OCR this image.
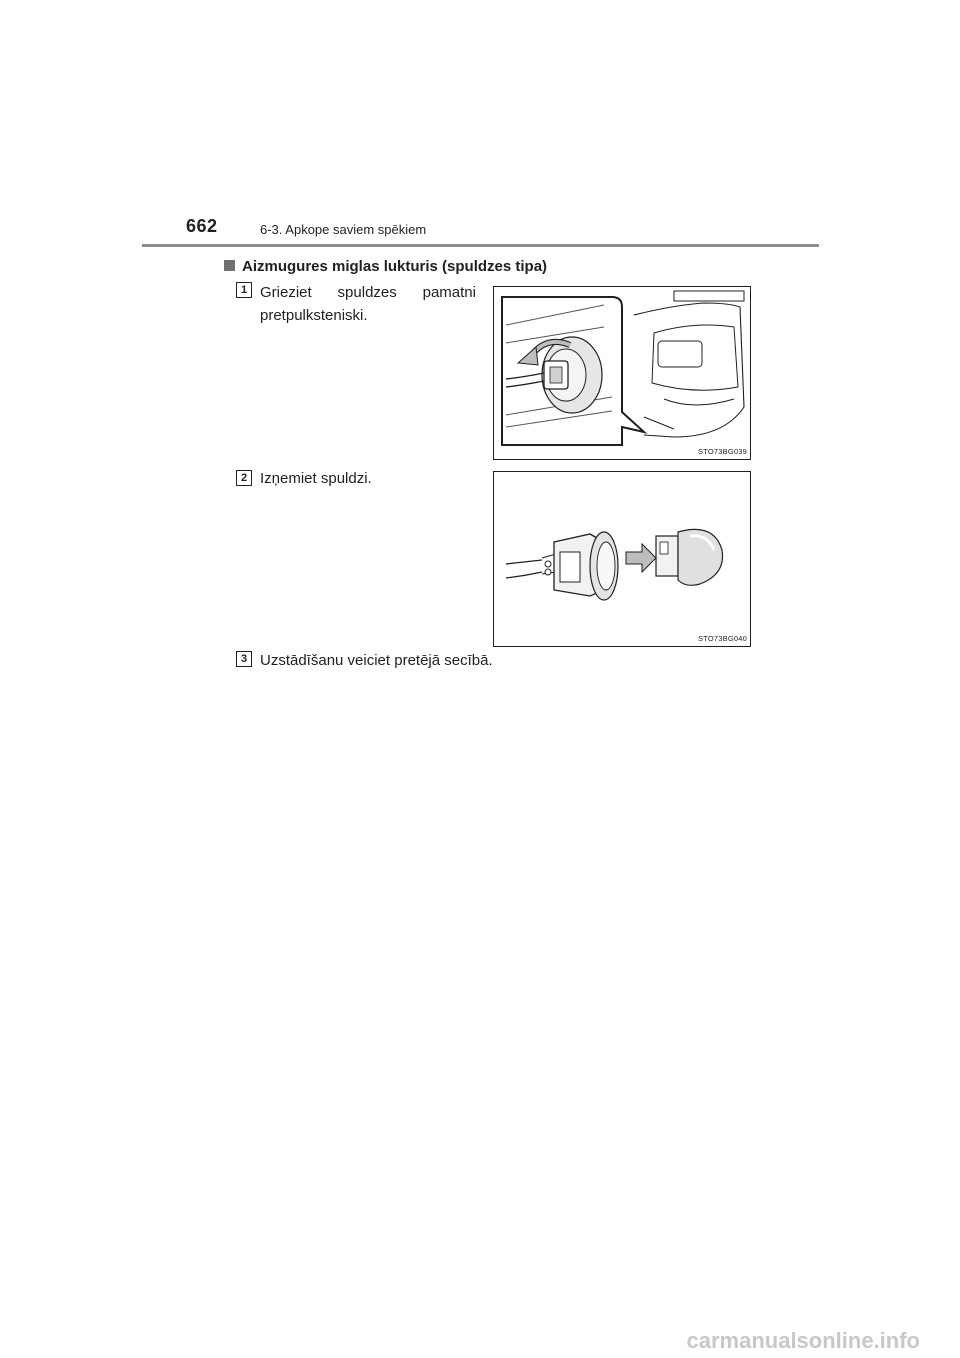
662	6-3. Apkope saviem spēkiem
Aizmugures miglas lukturis (spuldzes tipa)
1 Grieziet spuldzes pamatni pretpulksteniski.
STO73BG039
2 Izņemiet spuldzi.
STO73BG040
3 Uzstādīšanu veiciet pretējā secībā.
carmanualsonline.info
